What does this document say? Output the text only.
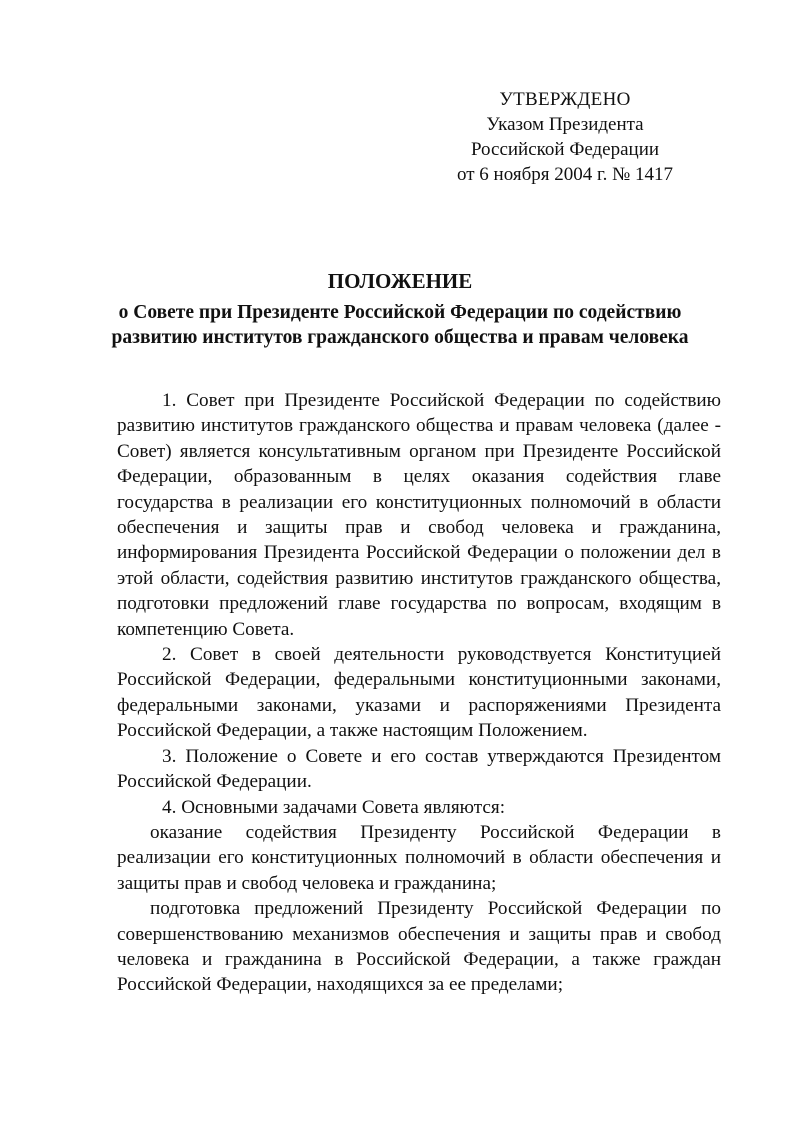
УТВЕРЖДЕНО
Указом Президента
Российской Федерации
от 6 ноября 2004 г. № 1417
ПОЛОЖЕНИЕ
о Совете при Президенте Российской Федерации по содействию развитию институтов гражданского общества и правам человека

1. Совет при Президенте Российской Федерации по содействию развитию институтов гражданского общества и правам человека (далее - Совет) является консультативным органом при Президенте Российской Федерации, образованным в целях оказания содействия главе государства в реализации его конституционных полномочий в области обеспечения и защиты прав и свобод человека и гражданина, информирования Президента Российской Федерации о положении дел в этой области, содействия развитию институтов гражданского общества, подготовки предложений главе государства по вопросам, входящим в компетенцию Совета.

2. Совет в своей деятельности руководствуется Конституцией Российской Федерации, федеральными конституционными законами, федеральными законами, указами и распоряжениями Президента Российской Федерации, а также настоящим Положением.

3. Положение о Совете и его состав утверждаются Президентом Российской Федерации.

4. Основными задачами Совета являются:

оказание содействия Президенту Российской Федерации в реализации его конституционных полномочий в области обеспечения и защиты прав и свобод человека и гражданина;

подготовка предложений Президенту Российской Федерации по совершенствованию механизмов обеспечения и защиты прав и свобод человека и гражданина в Российской Федерации, а также граждан Российской Федерации, находящихся за ее пределами;
